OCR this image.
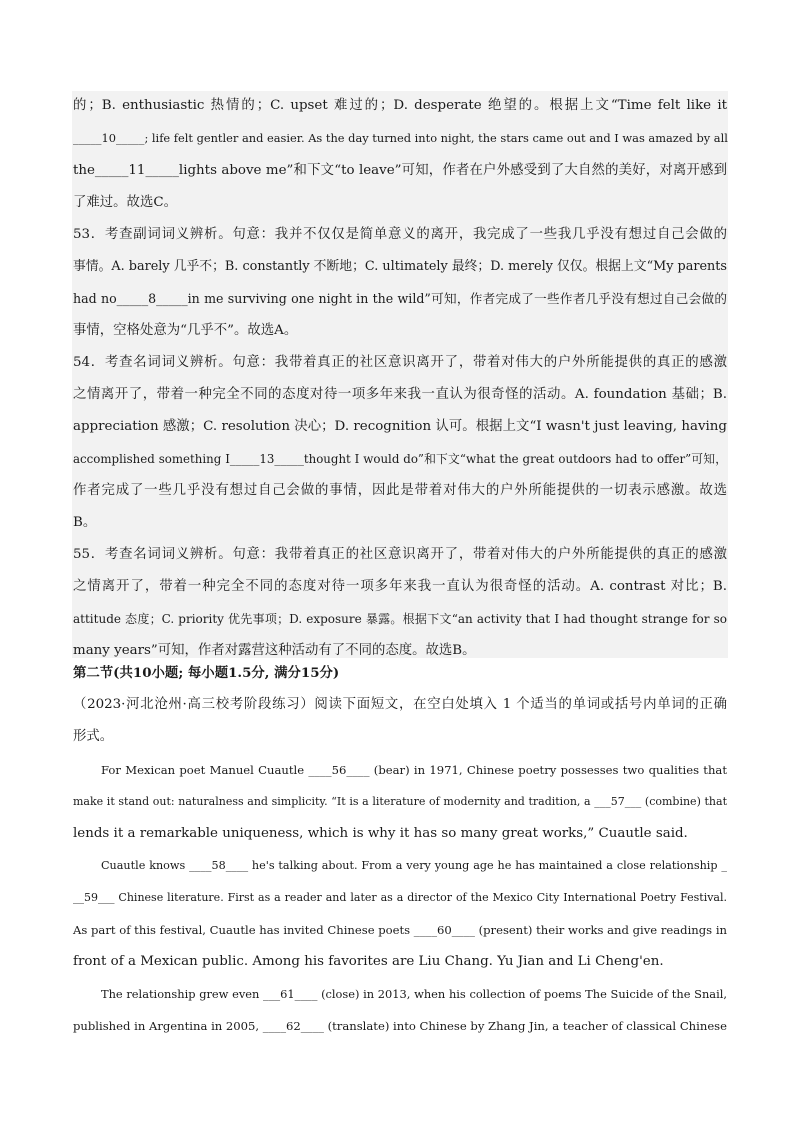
的；B. enthusiastic 热情的；C. upset 难过的；D. desperate 绝望的。根据上文“Time felt like it
_____10_____; life felt gentler and easier. As the day turned into night, the stars came out and I was amazed by all
the_____11_____lights above me”和下文“to leave”可知，作者在户外感受到了大自然的美好，对离开感到
了难过。故选C。
53．考查副词词义辨析。句意：我并不仅仅是简单意义的离开，我完成了一些我几乎没有想过自己会做的
事情。A. barely 几乎不；B. constantly 不断地；C. ultimately 最终；D. merely 仅仅。根据上文“My parents
had no_____8_____in me surviving one night in the wild”可知，作者完成了一些作者几乎没有想过自己会做的
事情，空格处意为“几乎不”。故选A。
54．考查名词词义辨析。句意：我带着真正的社区意识离开了，带着对伟大的户外所能提供的真正的感激
之情离开了，带着一种完全不同的态度对待一项多年来我一直认为很奇怪的活动。A. foundation 基础；B.
appreciation 感激；C. resolution 决心；D. recognition 认可。根据上文“I wasn't just leaving, having
accomplished something I_____13_____thought I would do”和下文“what the great outdoors had to offer”可知，
作者完成了一些几乎没有想过自己会做的事情，因此是带着对伟大的户外所能提供的一切表示感激。故选
B。
55．考查名词词义辨析。句意：我带着真正的社区意识离开了，带着对伟大的户外所能提供的真正的感激
之情离开了，带着一种完全不同的态度对待一项多年来我一直认为很奇怪的活动。A. contrast 对比；B.
attitude 态度；C. priority 优先事项；D. exposure 暴露。根据下文“an activity that I had thought strange for so
many years”可知，作者对露营这种活动有了不同的态度。故选B。
第二节(共10小题; 每小题1.5分, 满分15分)
（2023·河北沧州·高三校考阶段练习）阅读下面短文，在空白处填入 1 个适当的单词或括号内单词的正确
形式。
For Mexican poet Manuel Cuautle ____56____ (bear) in 1971, Chinese poetry possesses two qualities that
make it stand out: naturalness and simplicity. “It is a literature of modernity and tradition, a ___57___ (combine) that
lends it a remarkable uniqueness, which is why it has so many great works,” Cuautle said.
Cuautle knows ____58____ he's talking about. From a very young age he has maintained a close relationship _
__59___ Chinese literature. First as a reader and later as a director of the Mexico City International Poetry Festival.
As part of this festival, Cuautle has invited Chinese poets ____60____ (present) their works and give readings in
front of a Mexican public. Among his favorites are Liu Chang. Yu Jian and Li Cheng'en.
The relationship grew even ___61____ (close) in 2013, when his collection of poems The Suicide of the Snail,
published in Argentina in 2005, ____62____ (translate) into Chinese by Zhang Jin, a teacher of classical Chinese
